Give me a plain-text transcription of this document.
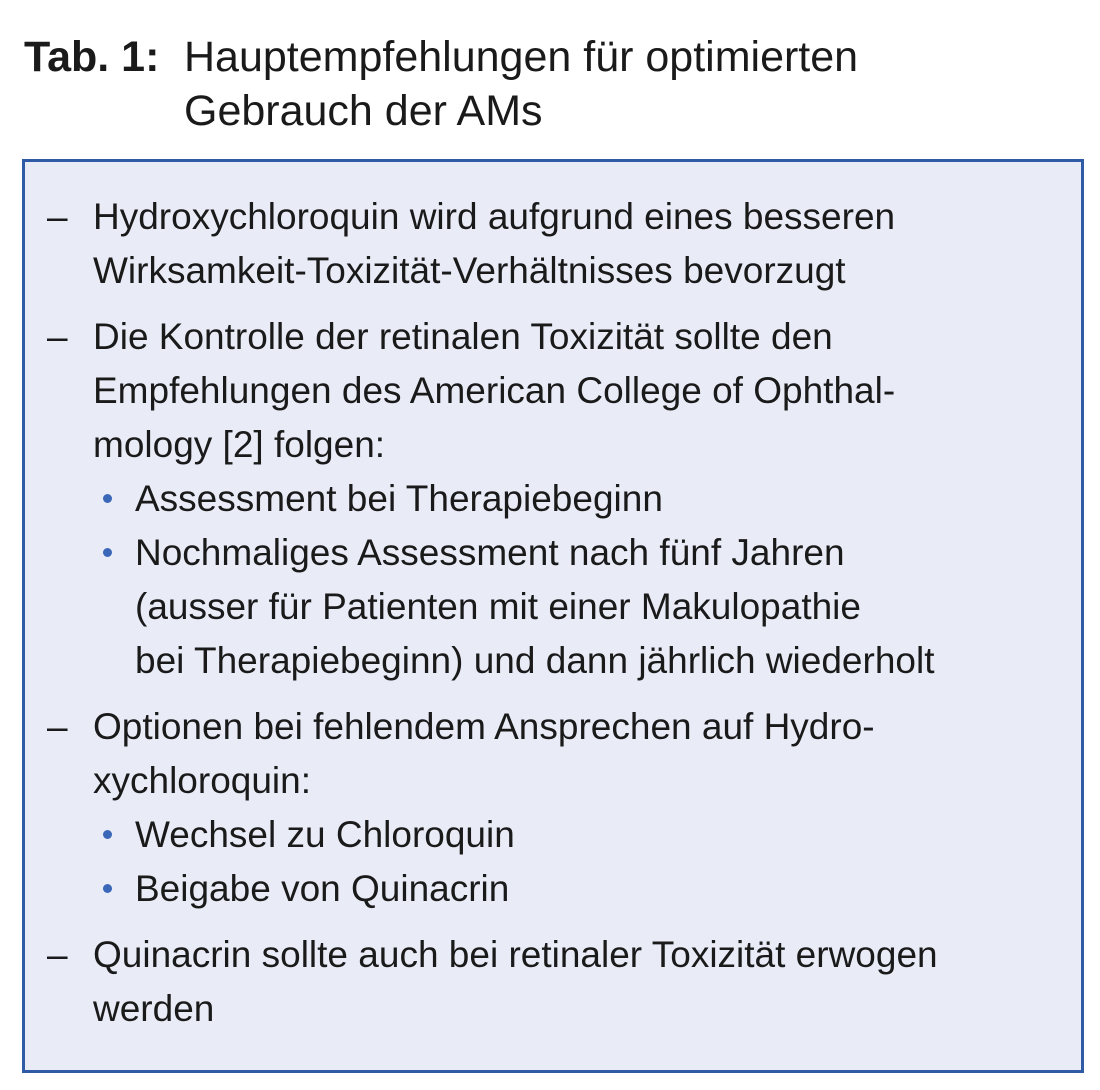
Tab. 1: Hauptempfehlungen für optimierten
Gebrauch der AMs
– Hydroxychloroquin wird aufgrund eines besseren
Wirksamkeit-Toxizität-Verhältnisses bevorzugt
– Die Kontrolle der retinalen Toxizität sollte den
Empfehlungen des American College of Ophthal-
mology [2] folgen:
Assessment bei Therapiebeginn
Nochmaliges Assessment nach fünf Jahren
(ausser für Patienten mit einer Makulopathie
bei Therapiebeginn) und dann jährlich wiederholt
– Optionen bei fehlendem Ansprechen auf Hydro-
xychloroquin:
Wechsel zu Chloroquin
Beigabe von Quinacrin
– Quinacrin sollte auch bei retinaler Toxizität erwogen
werden
